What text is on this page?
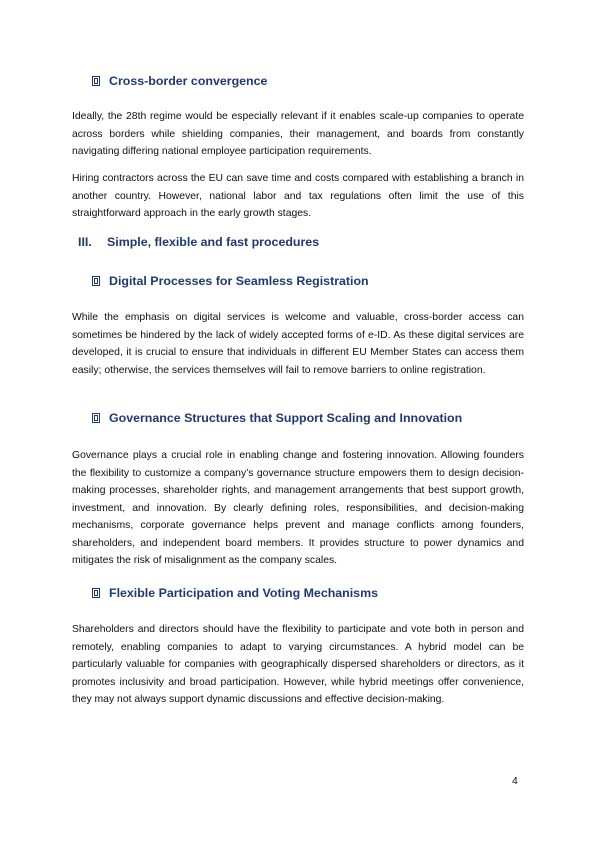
Cross-border convergence

Ideally, the 28th regime would be especially relevant if it enables scale-up companies to operate across borders while shielding companies, their management, and boards from constantly navigating differing national employee participation requirements.

Hiring contractors across the EU can save time and costs compared with establishing a branch in another country. However, national labor and tax regulations often limit the use of this straightforward approach in the early growth stages.

III.	Simple, flexible and fast procedures
Digital Processes for Seamless Registration

While the emphasis on digital services is welcome and valuable, cross-border access can sometimes be hindered by the lack of widely accepted forms of e-ID. As these digital services are developed, it is crucial to ensure that individuals in different EU Member States can access them easily; otherwise, the services themselves will fail to remove barriers to online registration.

Governance Structures that Support Scaling and Innovation

Governance plays a crucial role in enabling change and fostering innovation. Allowing founders the flexibility to customize a company’s governance structure empowers them to design decision-making processes, shareholder rights, and management arrangements that best support growth, investment, and innovation. By clearly defining roles, responsibilities, and decision-making mechanisms, corporate governance helps prevent and manage conflicts among founders, shareholders, and independent board members. It provides structure to power dynamics and mitigates the risk of misalignment as the company scales.

Flexible Participation and Voting Mechanisms

Shareholders and directors should have the flexibility to participate and vote both in person and remotely, enabling companies to adapt to varying circumstances. A hybrid model can be particularly valuable for companies with geographically dispersed shareholders or directors, as it promotes inclusivity and broad participation. However, while hybrid meetings offer convenience, they may not always support dynamic discussions and effective decision-making.

4
